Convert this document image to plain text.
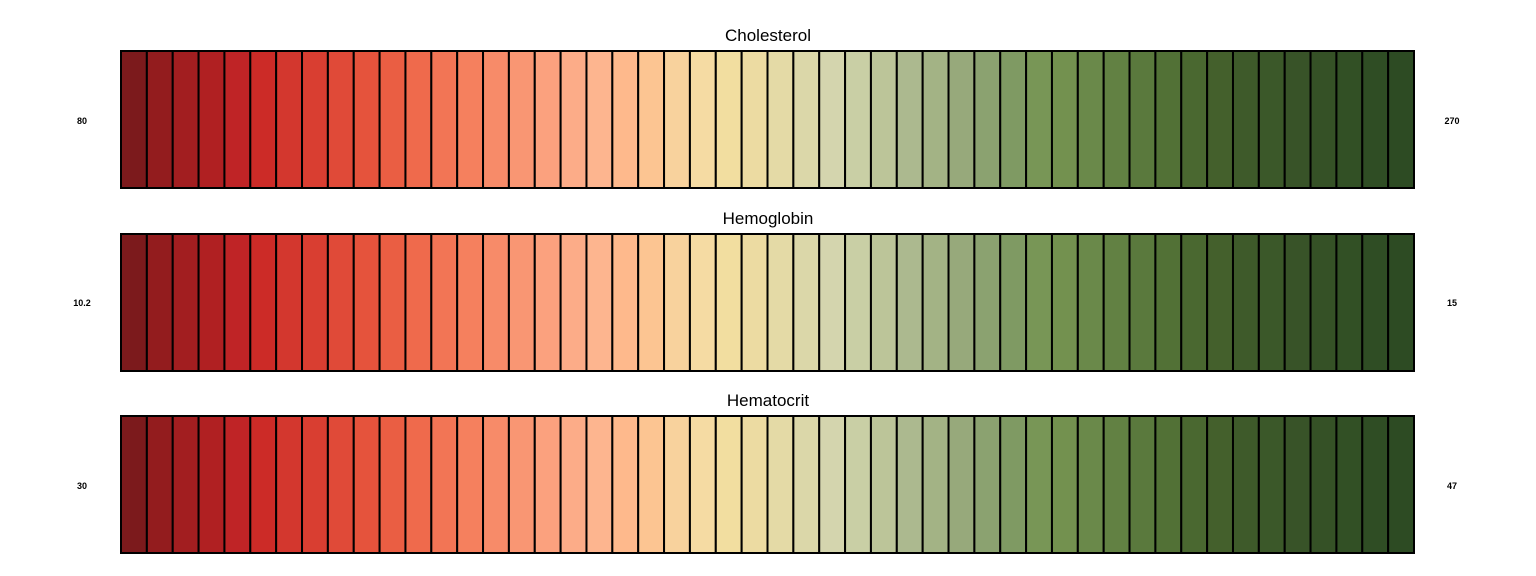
Cholesterol
80	270
Hemoglobin
10.2	15
Hematocrit
30	47
